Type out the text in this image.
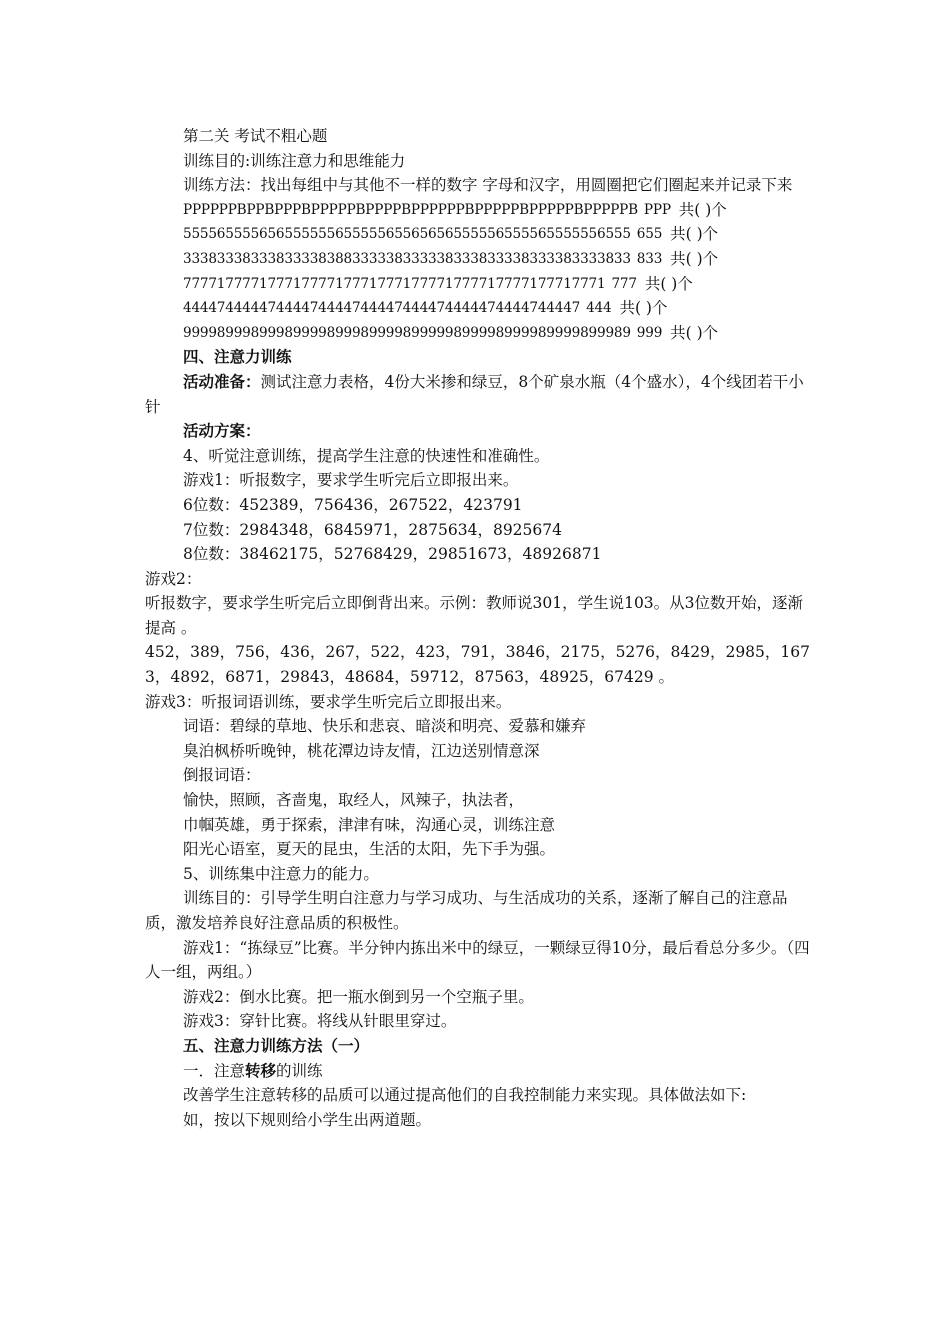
第二关 考试不粗心题

训练目的:训练注意力和思维能力

训练方法：找出每组中与其他不一样的数字 字母和汉字，用圆圈把它们圈起来并记录下来

PPPPPPBPPBPPPBPPPPPBPPPPBPPPPPPBPPPPPBPPPPPBPPPPPB PPP 共( )个
55556555565655555565555565565656555556555565555556555 655 共( )个
33383338333833338388333338333338333833338333383333833 833 共( )个
77771777717771777717771777177771777717777177717771 777 共( )个
44447444447444474444744447444474444474444744447 444 共( )个
99998999899989999899989999899999899998999989999899989 999 共( )个

四、注意力训练

活动准备：测试注意力表格，4份大米掺和绿豆，8个矿泉水瓶（4个盛水），4个线团若干小针

活动方案：

4、听觉注意训练，提高学生注意的快速性和准确性。

游戏1：听报数字，要求学生听完后立即报出来。

6位数：452389，756436，267522，423791

7位数：2984348，6845971，2875634，8925674

8位数：38462175，52768429，29851673，48926871

游戏2：

听报数字，要求学生听完后立即倒背出来。示例：教师说301，学生说103。从3位数开始，逐渐提高 。

452，389，756，436，267，522，423，791，3846，2175，5276，8429，2985，1673，4892，6871，29843，48684，59712，87563，48925，67429 。

游戏3：听报词语训练，要求学生听完后立即报出来。

词语：碧绿的草地、快乐和悲哀、暗淡和明亮、爱慕和嫌弃

臭泊枫桥听晚钟，桃花潭边诗友情，江边送别情意深

倒报词语：

愉快，照顾，吝啬鬼，取经人，风辣子，执法者，

巾帼英雄，勇于探索，津津有味，沟通心灵，训练注意

阳光心语室，夏天的昆虫，生活的太阳，先下手为强。

5、训练集中注意力的能力。

训练目的：引导学生明白注意力与学习成功、与生活成功的关系，逐渐了解自己的注意品质，激发培养良好注意品质的积极性。

游戏1：“拣绿豆”比赛。半分钟内拣出米中的绿豆，一颗绿豆得10分，最后看总分多少。（四人一组，两组。）

游戏2：倒水比赛。把一瓶水倒到另一个空瓶子里。

游戏3：穿针比赛。将线从针眼里穿过。

五、注意力训练方法（一）

一．注意转移的训练

改善学生注意转移的品质可以通过提高他们的自我控制能力来实现。具体做法如下:

如，按以下规则给小学生出两道题。
